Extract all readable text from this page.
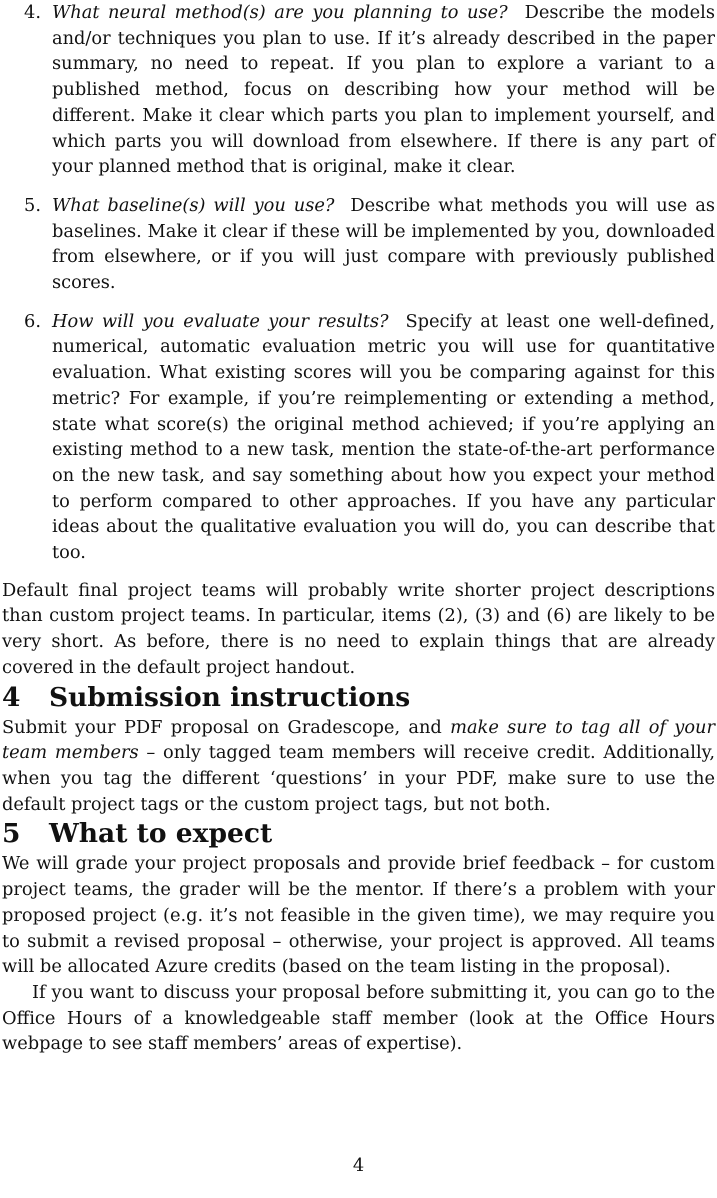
4. What neural method(s) are you planning to use? Describe the models and/or techniques you plan to use. If it’s already described in the paper summary, no need to repeat. If you plan to explore a variant to a published method, focus on describing how your method will be different. Make it clear which parts you plan to implement yourself, and which parts you will download from elsewhere. If there is any part of your planned method that is original, make it clear.

5. What baseline(s) will you use? Describe what methods you will use as baselines. Make it clear if these will be implemented by you, downloaded from elsewhere, or if you will just compare with previously published scores.

6. How will you evaluate your results? Specify at least one well-defined, numerical, automatic evaluation metric you will use for quantitative evaluation. What existing scores will you be comparing against for this metric? For example, if you’re reimplementing or extending a method, state what score(s) the original method achieved; if you’re applying an existing method to a new task, mention the state-of-the-art performance on the new task, and say something about how you expect your method to perform compared to other approaches. If you have any particular ideas about the qualitative evaluation you will do, you can describe that too.

Default final project teams will probably write shorter project descriptions than custom project teams. In particular, items (2), (3) and (6) are likely to be very short. As before, there is no need to explain things that are already covered in the default project handout.

4	Submission instructions

Submit your PDF proposal on Gradescope, and make sure to tag all of your team members – only tagged team members will receive credit. Additionally, when you tag the different ‘questions’ in your PDF, make sure to use the default project tags or the custom project tags, but not both.

5	What to expect

We will grade your project proposals and provide brief feedback – for custom project teams, the grader will be the mentor. If there’s a problem with your proposed project (e.g. it’s not feasible in the given time), we may require you to submit a revised proposal – otherwise, your project is approved. All teams will be allocated Azure credits (based on the team listing in the proposal).

If you want to discuss your proposal before submitting it, you can go to the Office Hours of a knowledgeable staff member (look at the Office Hours webpage to see staff members’ areas of expertise).

4
